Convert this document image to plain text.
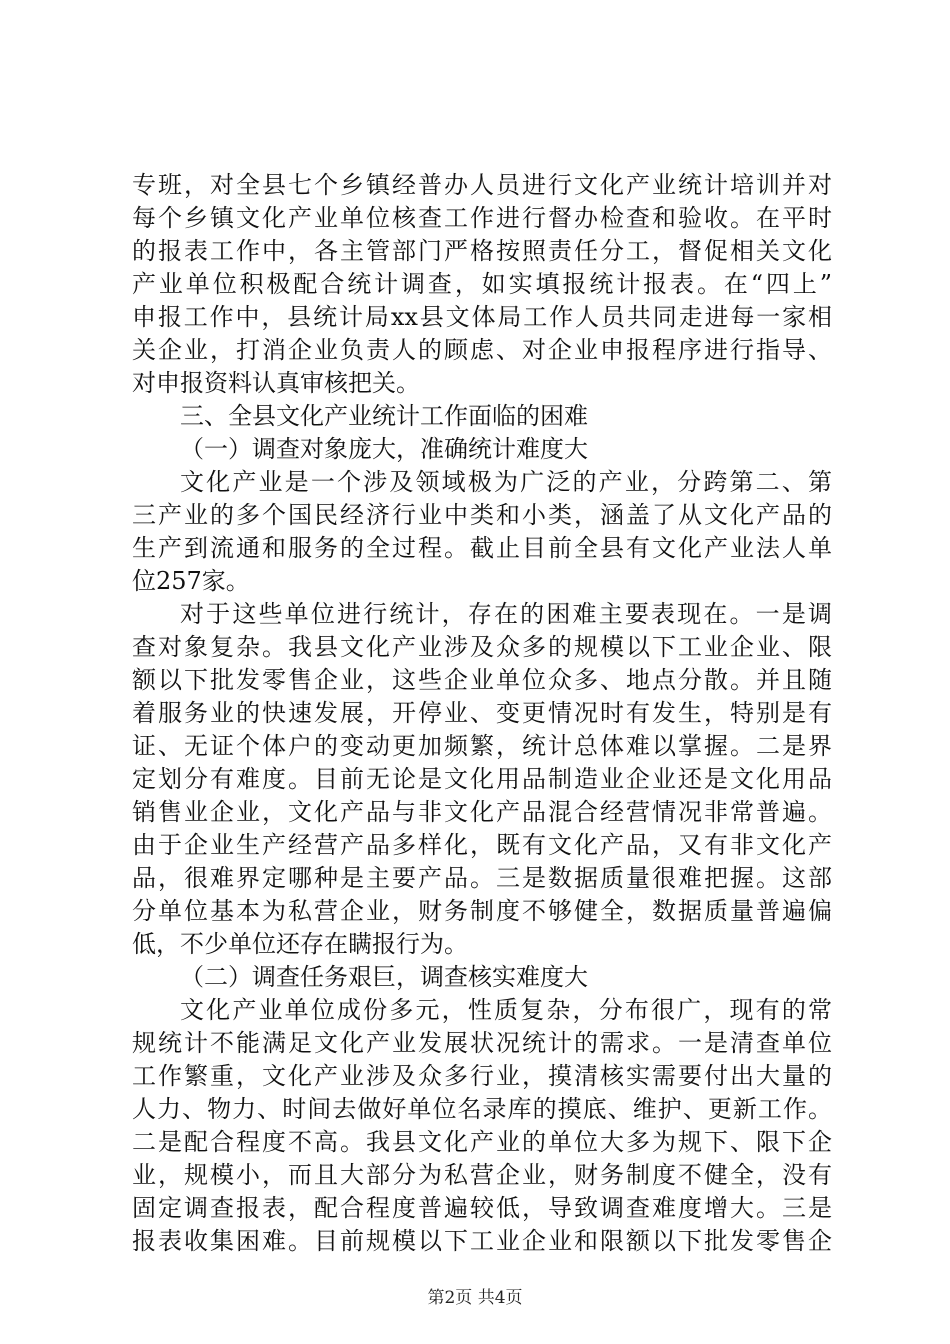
专班，对全县七个乡镇经普办人员进行文化产业统计培训并对
每个乡镇文化产业单位核查工作进行督办检查和验收。在平时
的报表工作中，各主管部门严格按照责任分工，督促相关文化
产业单位积极配合统计调查，如实填报统计报表。在“四上”
申报工作中，县统计局xx县文体局工作人员共同走进每一家相
关企业，打消企业负责人的顾虑、对企业申报程序进行指导、
对申报资料认真审核把关。
三、全县文化产业统计工作面临的困难
（一）调查对象庞大，准确统计难度大
文化产业是一个涉及领域极为广泛的产业，分跨第二、第
三产业的多个国民经济行业中类和小类，涵盖了从文化产品的
生产到流通和服务的全过程。截止目前全县有文化产业法人单
位257家。
对于这些单位进行统计，存在的困难主要表现在。一是调
查对象复杂。我县文化产业涉及众多的规模以下工业企业、限
额以下批发零售企业，这些企业单位众多、地点分散。并且随
着服务业的快速发展，开停业、变更情况时有发生，特别是有
证、无证个体户的变动更加频繁，统计总体难以掌握。二是界
定划分有难度。目前无论是文化用品制造业企业还是文化用品
销售业企业，文化产品与非文化产品混合经营情况非常普遍。
由于企业生产经营产品多样化，既有文化产品，又有非文化产
品，很难界定哪种是主要产品。三是数据质量很难把握。这部
分单位基本为私营企业，财务制度不够健全，数据质量普遍偏
低，不少单位还存在瞒报行为。
（二）调查任务艰巨，调查核实难度大
文化产业单位成份多元，性质复杂，分布很广，现有的常
规统计不能满足文化产业发展状况统计的需求。一是清查单位
工作繁重，文化产业涉及众多行业，摸清核实需要付出大量的
人力、物力、时间去做好单位名录库的摸底、维护、更新工作。
二是配合程度不高。我县文化产业的单位大多为规下、限下企
业，规模小，而且大部分为私营企业，财务制度不健全，没有
固定调查报表，配合程度普遍较低，导致调查难度增大。三是
报表收集困难。目前规模以下工业企业和限额以下批发零售企
第2页 共4页
